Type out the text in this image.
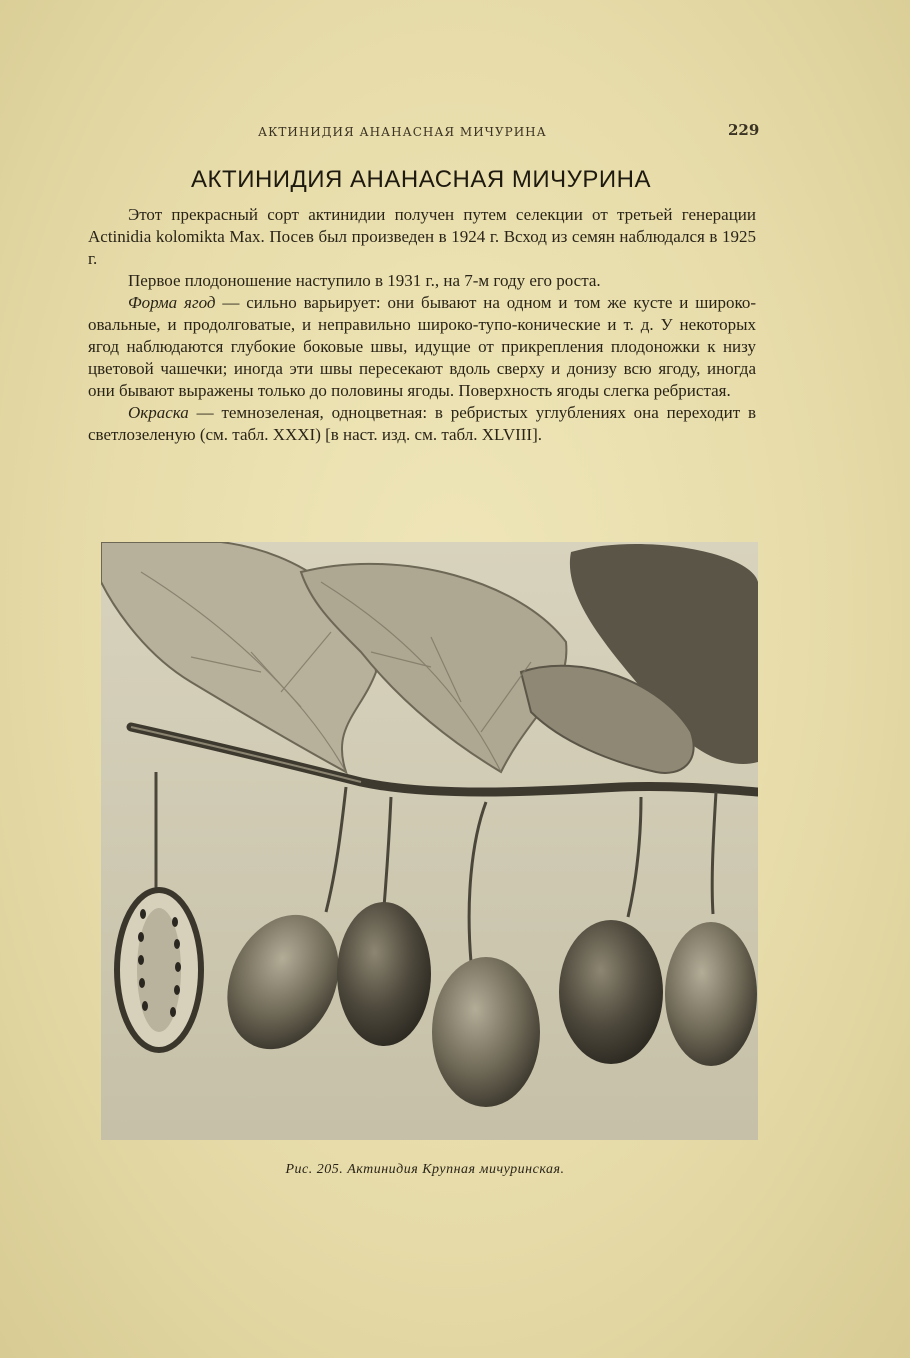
АКТИНИДИЯ АНАНАСНАЯ МИЧУРИНА	229
АКТИНИДИЯ АНАНАСНАЯ МИЧУРИНА

Этот прекрасный сорт актинидии получен путем селекции от третьей генерации Actinidia kolomikta Max. Посев был произведен в 1924 г. Всход из семян наблюдался в 1925 г.

Первое плодоношение наступило в 1931 г., на 7-м году его роста.

Форма ягод — сильно варьирует: они бывают на одном и том же кусте и широко-овальные, и продолговатые, и неправильно широко-тупо-конические и т. д. У некоторых ягод наблюдаются глубокие боковые швы, идущие от прикрепления плодоножки к низу цветовой чашечки; иногда эти швы пересекают вдоль сверху и донизу всю ягоду, иногда они бывают выражены только до половины ягоды. Поверхность ягоды слегка ребристая.

Окраска — темнозеленая, одноцветная: в ребристых углублениях она переходит в светлозеленую (см. табл. XXXI) [в наст. изд. см. табл. XLVIII].

Рис. 205. Актинидия Крупная мичуринская.
